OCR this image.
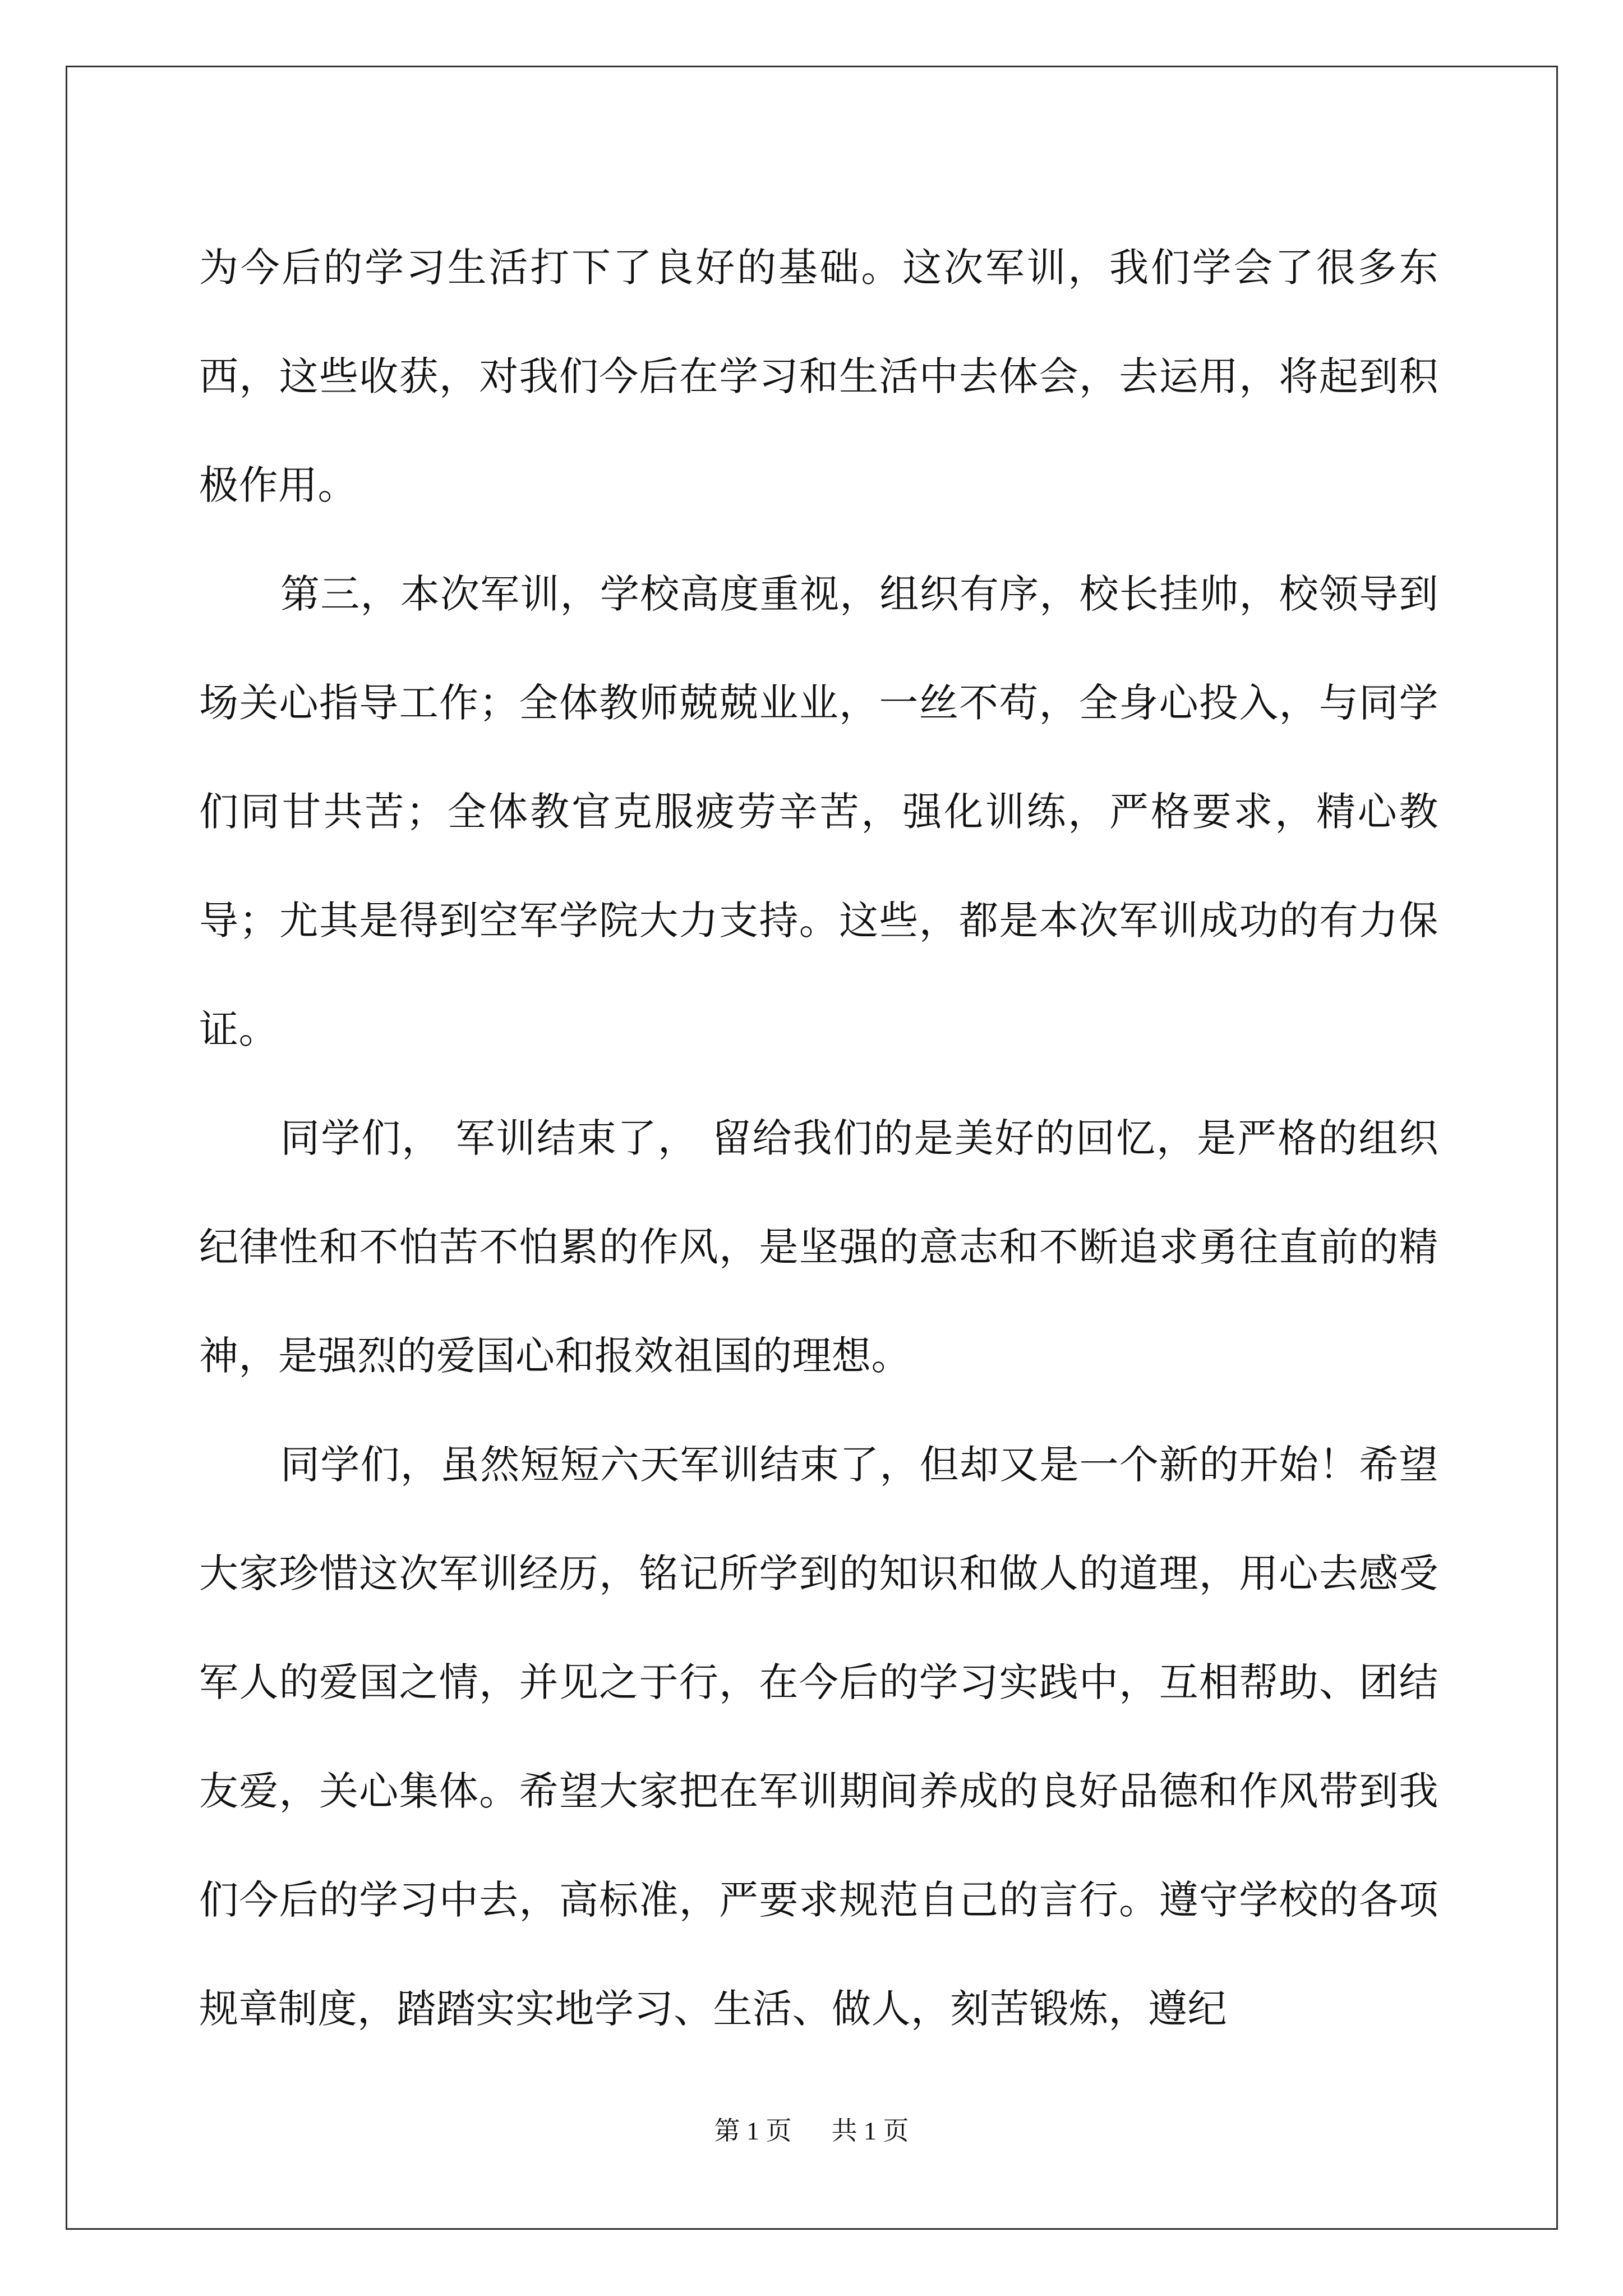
为今后的学习生活打下了良好的基础。这次军训，我们学会了很多东西，这些收获，对我们今后在学习和生活中去体会，去运用，将起到积极作用。

第三，本次军训，学校高度重视，组织有序，校长挂帅，校领导到场关心指导工作；全体教师兢兢业业，一丝不苟，全身心投入，与同学们同甘共苦；全体教官克服疲劳辛苦，强化训练，严格要求，精心教导；尤其是得到空军学院大力支持。这些，都是本次军训成功的有力保证。

同学们， 军训结束了， 留给我们的是美好的回忆，是严格的组织纪律性和不怕苦不怕累的作风，是坚强的意志和不断追求勇往直前的精神，是强烈的爱国心和报效祖国的理想。

同学们，虽然短短六天军训结束了，但却又是一个新的开始！希望大家珍惜这次军训经历，铭记所学到的知识和做人的道理，用心去感受军人的爱国之情，并见之于行，在今后的学习实践中，互相帮助、团结友爱，关心集体。希望大家把在军训期间养成的良好品德和作风带到我们今后的学习中去，高标准，严要求规范自己的言行。遵守学校的各项规章制度，踏踏实实地学习、生活、做人，刻苦锻炼，遵纪

第 1 页 共 1 页
